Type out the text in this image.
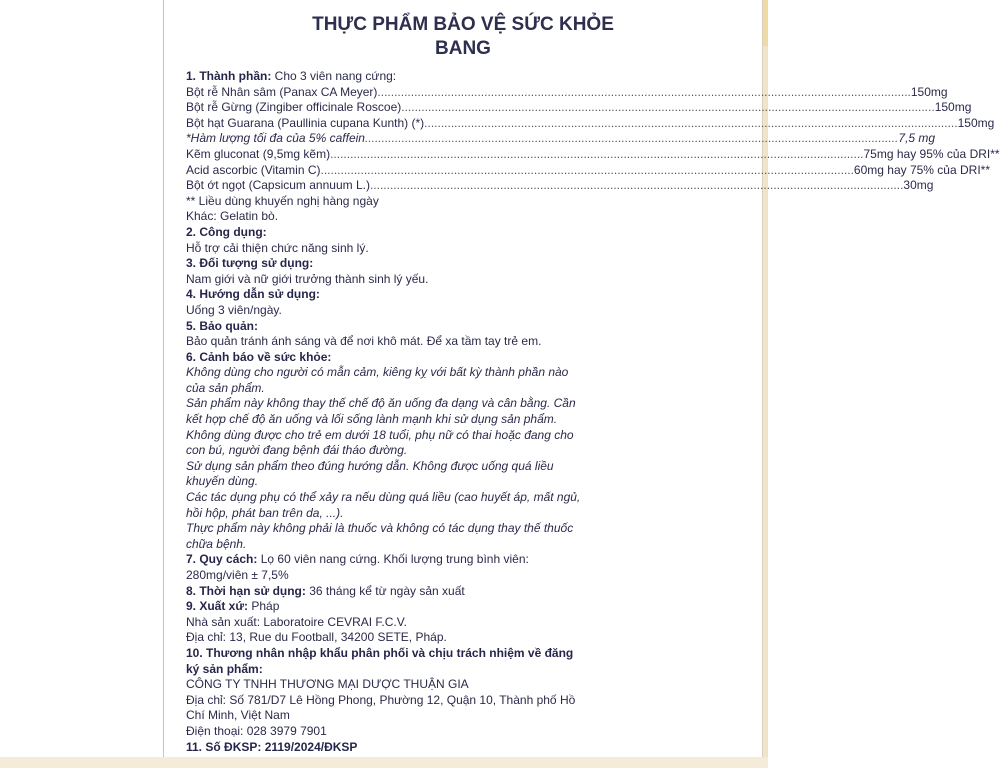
THỰC PHẨM BẢO VỆ SỨC KHỎE
BANG
1. Thành phần: Cho 3 viên nang cứng:
Bột rễ Nhân sâm (Panax CA Meyer) ................................................................................................................................................................ 150mg
Bột rễ Gừng (Zingiber officinale Roscoe) ................................................................................................................................................................ 150mg
Bột hạt Guarana (Paullinia cupana Kunth) (*) ................................................................................................................................................................ 150mg
*Hàm lượng tối đa của 5% caffein ................................................................................................................................................................ 7,5 mg
Kẽm gluconat (9,5mg kẽm) ................................................................................................................................................................ 75mg hay 95% của DRI**
Acid ascorbic (Vitamin C) ................................................................................................................................................................ 60mg hay 75% của DRI**
Bột ớt ngọt (Capsicum annuum L.) ................................................................................................................................................................ 30mg
** Liều dùng khuyến nghị hàng ngày
Khác: Gelatin bò.
2. Công dụng:
Hỗ trợ cải thiện chức năng sinh lý.
3. Đối tượng sử dụng:
Nam giới và nữ giới trưởng thành sinh lý yếu.
4. Hướng dẫn sử dụng:
Uống 3 viên/ngày.
5. Bảo quản:
Bảo quản tránh ánh sáng và để nơi khô mát. Để xa tầm tay trẻ em.
6. Cảnh báo về sức khỏe:
Không dùng cho người có mẫn cảm, kiêng kỵ với bất kỳ thành phần nào
của sản phẩm.
Sản phẩm này không thay thế chế độ ăn uống đa dạng và cân bằng. Cần
kết hợp chế độ ăn uống và lối sống lành mạnh khi sử dụng sản phẩm.
Không dùng được cho trẻ em dưới 18 tuổi, phụ nữ có thai hoặc đang cho
con bú, người đang bệnh đái tháo đường.
Sử dụng sản phẩm theo đúng hướng dẫn. Không được uống quá liều
khuyến dùng.
Các tác dụng phụ có thể xảy ra nếu dùng quá liều (cao huyết áp, mất ngủ,
hồi hộp, phát ban trên da, ...).
Thực phẩm này không phải là thuốc và không có tác dụng thay thế thuốc
chữa bệnh.
7. Quy cách: Lọ 60 viên nang cứng. Khối lượng trung bình viên:
280mg/viên ± 7,5%
8. Thời hạn sử dụng: 36 tháng kể từ ngày sản xuất
9. Xuất xứ: Pháp
Nhà sản xuất: Laboratoire CEVRAI F.C.V.
Địa chỉ: 13, Rue du Football, 34200 SETE, Pháp.
10. Thương nhân nhập khẩu phân phối và chịu trách nhiệm về đăng
ký sản phẩm:
CÔNG TY TNHH THƯƠNG MẠI DƯỢC THUẬN GIA
Địa chỉ: Số 781/D7 Lê Hồng Phong, Phường 12, Quận 10, Thành phố Hồ
Chí Minh, Việt Nam
Điện thoại: 028 3979 7901
11. Số ĐKSP: 2119/2024/ĐKSP
